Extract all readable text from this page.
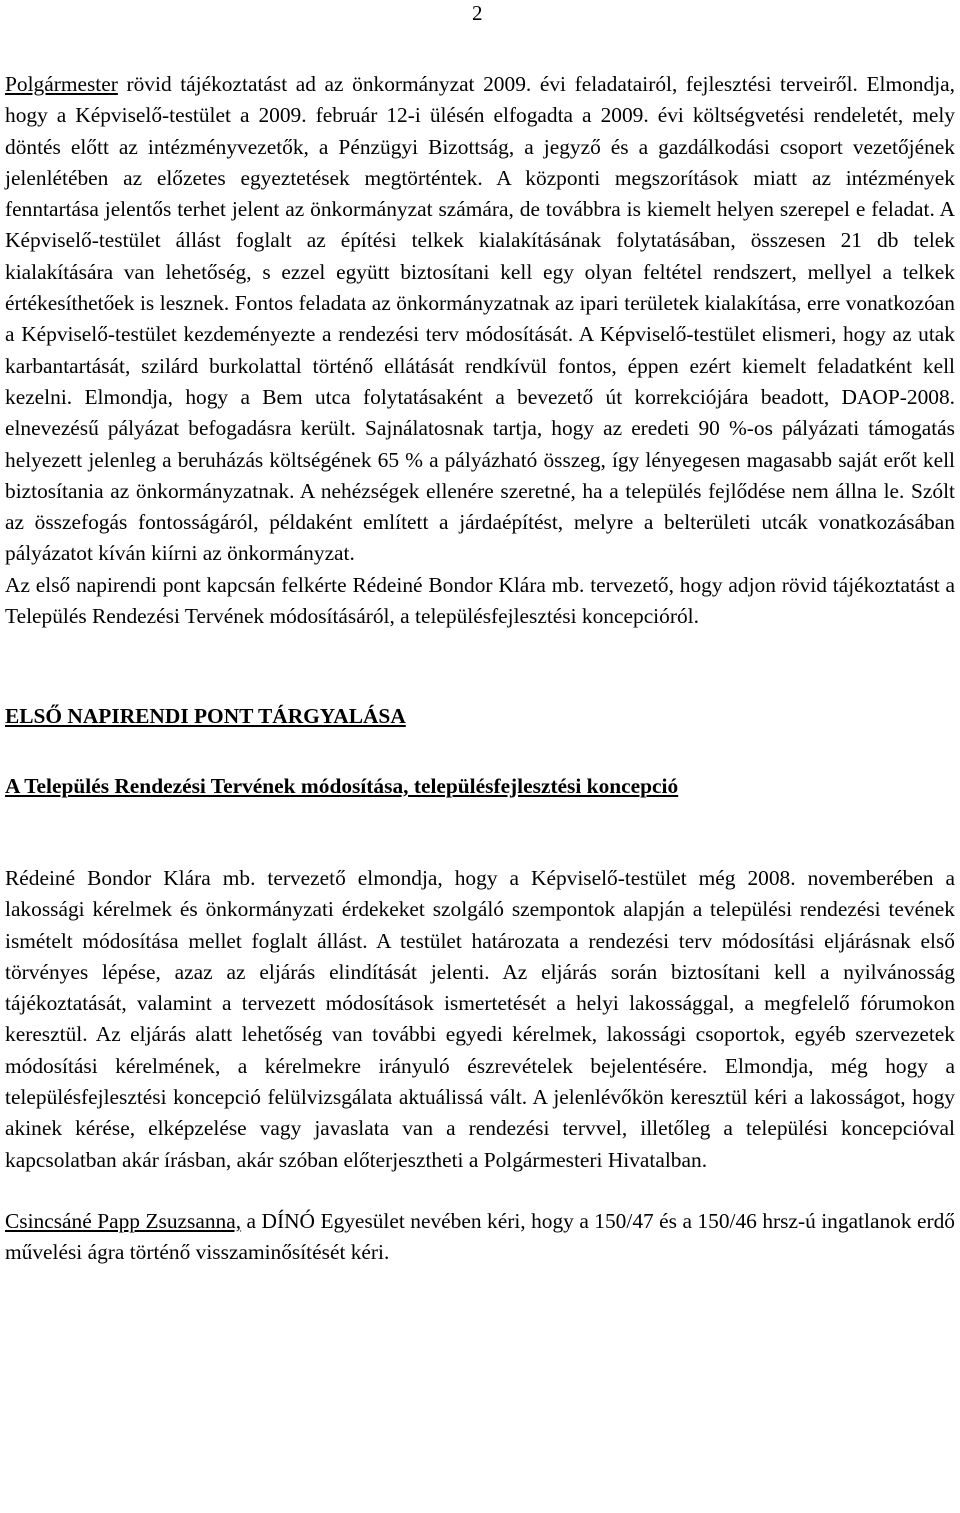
2

Polgármester rövid tájékoztatást ad az önkormányzat 2009. évi feladatairól, fejlesztési terveiről. Elmondja, hogy a Képviselő-testület a 2009. február 12-i ülésén elfogadta a 2009. évi költségvetési rendeletét, mely döntés előtt az intézményvezetők, a Pénzügyi Bizottság, a jegyző és a gazdálkodási csoport vezetőjének jelenlétében az előzetes egyeztetések megtörténtek. A központi megszorítások miatt az intézmények fenntartása jelentős terhet jelent az önkormányzat számára, de továbbra is kiemelt helyen szerepel e feladat. A Képviselő-testület állást foglalt az építési telkek kialakításának folytatásában, összesen 21 db telek kialakítására van lehetőség, s ezzel együtt biztosítani kell egy olyan feltétel rendszert, mellyel a telkek értékesíthetőek is lesznek. Fontos feladata az önkormányzatnak az ipari területek kialakítása, erre vonatkozóan a Képviselő-testület kezdeményezte a rendezési terv módosítását. A Képviselő-testület elismeri, hogy az utak karbantartását, szilárd burkolattal történő ellátását rendkívül fontos, éppen ezért kiemelt feladatként kell kezelni. Elmondja, hogy a Bem utca folytatásaként a bevezető út korrekciójára beadott, DAOP-2008. elnevezésű pályázat befogadásra került. Sajnálatosnak tartja, hogy az eredeti 90 %-os pályázati támogatás helyezett jelenleg a beruházás költségének 65 % a pályázható összeg, így lényegesen magasabb saját erőt kell biztosítania az önkormányzatnak. A nehézségek ellenére szeretné, ha a település fejlődése nem állna le. Szólt az összefogás fontosságáról, példaként említett a járdaépítést, melyre a belterületi utcák vonatkozásában pályázatot kíván kiírni az önkormányzat.

Az első napirendi pont kapcsán felkérte Rédeiné Bondor Klára mb. tervezető, hogy adjon rövid tájékoztatást a Település Rendezési Tervének módosításáról, a településfejlesztési koncepcióról.

ELSŐ NAPIRENDI PONT TÁRGYALÁSA

A Település Rendezési Tervének módosítása, településfejlesztési koncepció

Rédeiné Bondor Klára mb. tervezető elmondja, hogy a Képviselő-testület még 2008. novemberében a lakossági kérelmek és önkormányzati érdekeket szolgáló szempontok alapján a települési rendezési tevének ismételt módosítása mellet foglalt állást. A testület határozata a rendezési terv módosítási eljárásnak első törvényes lépése, azaz az eljárás elindítását jelenti. Az eljárás során biztosítani kell a nyilvánosság tájékoztatását, valamint a tervezett módosítások ismertetését a helyi lakossággal, a megfelelő fórumokon keresztül. Az eljárás alatt lehetőség van további egyedi kérelmek, lakossági csoportok, egyéb szervezetek módosítási kérelmének, a kérelmekre irányuló észrevételek bejelentésére. Elmondja, még hogy a településfejlesztési koncepció felülvizsgálata aktuálissá vált. A jelenlévőkön keresztül kéri a lakosságot, hogy akinek kérése, elképzelése vagy javaslata van a rendezési tervvel, illetőleg a települési koncepcióval kapcsolatban akár írásban, akár szóban előterjesztheti a Polgármesteri Hivatalban.

Csincsáné Papp Zsuzsanna, a DÍNÓ Egyesület nevében kéri, hogy a 150/47 és a 150/46 hrsz-ú ingatlanok erdő művelési ágra történő visszaminősítését kéri.
